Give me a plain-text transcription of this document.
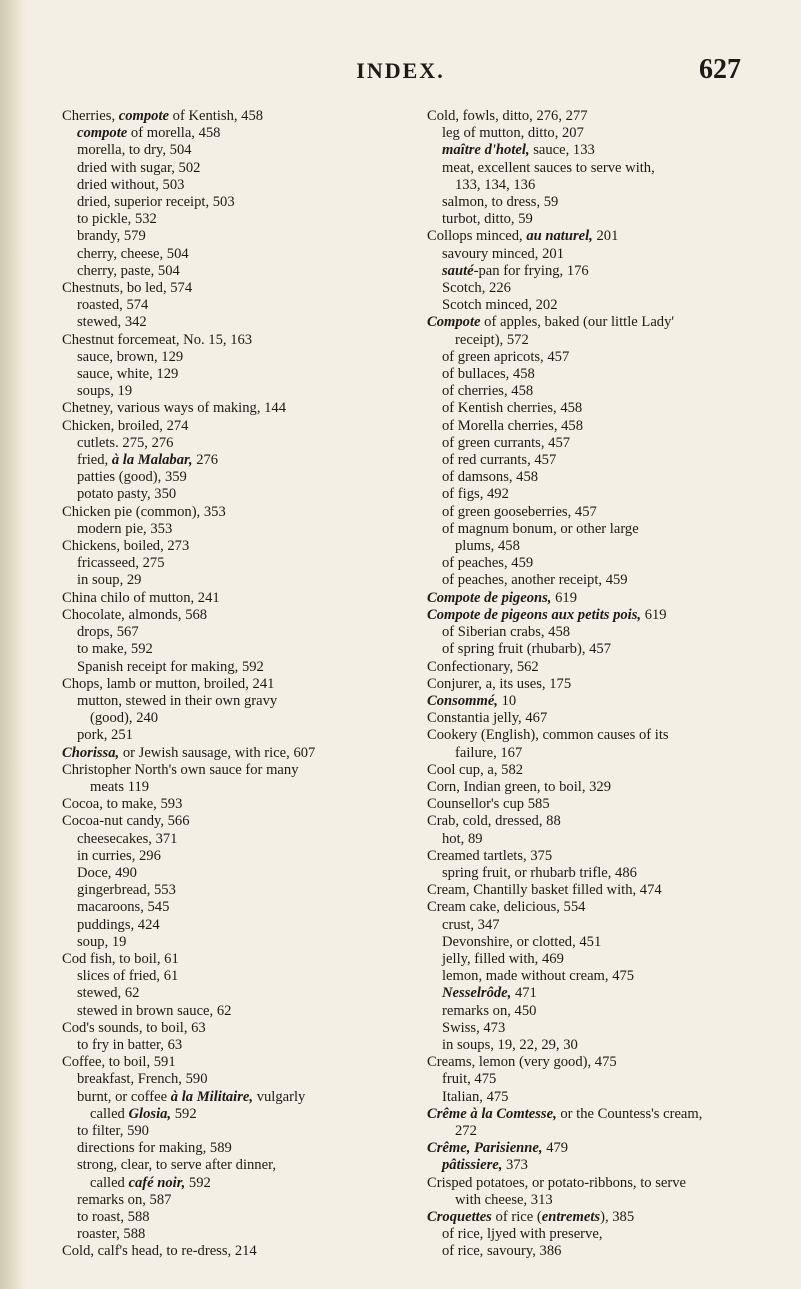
INDEX.	627
Cherries, compote of Kentish, 458
compote of morella, 458
morella, to dry, 504
dried with sugar, 502
dried without, 503
dried, superior receipt, 503
to pickle, 532
brandy, 579
cherry, cheese, 504
cherry, paste, 504
Chestnuts, bo led, 574
roasted, 574
stewed, 342
Chestnut forcemeat, No. 15, 163
sauce, brown, 129
sauce, white, 129
soups, 19
Chetney, various ways of making, 144
Chicken, broiled, 274
cutlets. 275, 276
fried, à la Malabar, 276
patties (good), 359
potato pasty, 350
Chicken pie (common), 353
modern pie, 353
Chickens, boiled, 273
fricasseed, 275
in soup, 29
China chilo of mutton, 241
Chocolate, almonds, 568
drops, 567
to make, 592
Spanish receipt for making, 592
Chops, lamb or mutton, broiled, 241
mutton, stewed in their own gravy
(good), 240
pork, 251
Chorissa, or Jewish sausage, with rice, 607
Christopher North's own sauce for many
meats 119
Cocoa, to make, 593
Cocoa-nut candy, 566
cheesecakes, 371
in curries, 296
Doce, 490
gingerbread, 553
macaroons, 545
puddings, 424
soup, 19
Cod fish, to boil, 61
slices of fried, 61
stewed, 62
stewed in brown sauce, 62
Cod's sounds, to boil, 63
to fry in batter, 63
Coffee, to boil, 591
breakfast, French, 590
burnt, or coffee à la Militaire, vulgarly
called Glosia, 592
to filter, 590
directions for making, 589
strong, clear, to serve after dinner,
called café noir, 592
remarks on, 587
to roast, 588
roaster, 588
Cold, calf's head, to re-dress, 214
Cold, fowls, ditto, 276, 277
leg of mutton, ditto, 207
maître d'hotel, sauce, 133
meat, excellent sauces to serve with,
133, 134, 136
salmon, to dress, 59
turbot, ditto, 59
Collops minced, au naturel, 201
savoury minced, 201
sauté-pan for frying, 176
Scotch, 226
Scotch minced, 202
Compote of apples, baked (our little Lady'
receipt), 572
of green apricots, 457
of bullaces, 458
of cherries, 458
of Kentish cherries, 458
of Morella cherries, 458
of green currants, 457
of red currants, 457
of damsons, 458
of figs, 492
of green gooseberries, 457
of magnum bonum, or other large
plums, 458
of peaches, 459
of peaches, another receipt, 459
Compote de pigeons, 619
Compote de pigeons aux petits pois, 619
of Siberian crabs, 458
of spring fruit (rhubarb), 457
Confectionary, 562
Conjurer, a, its uses, 175
Consommé, 10
Constantia jelly, 467
Cookery (English), common causes of its
failure, 167
Cool cup, a, 582
Corn, Indian green, to boil, 329
Counsellor's cup 585
Crab, cold, dressed, 88
hot, 89
Creamed tartlets, 375
spring fruit, or rhubarb trifle, 486
Cream, Chantilly basket filled with, 474
Cream cake, delicious, 554
crust, 347
Devonshire, or clotted, 451
jelly, filled with, 469
lemon, made without cream, 475
Nesselrôde, 471
remarks on, 450
Swiss, 473
in soups, 19, 22, 29, 30
Creams, lemon (very good), 475
fruit, 475
Italian, 475
Crême à la Comtesse, or the Countess's cream,
272
Crême, Parisienne, 479
pâtissiere, 373
Crisped potatoes, or potato-ribbons, to serve
with cheese, 313
Croquettes of rice (entremets), 385
of rice, ljyed with preserve,
of rice, savoury, 386
